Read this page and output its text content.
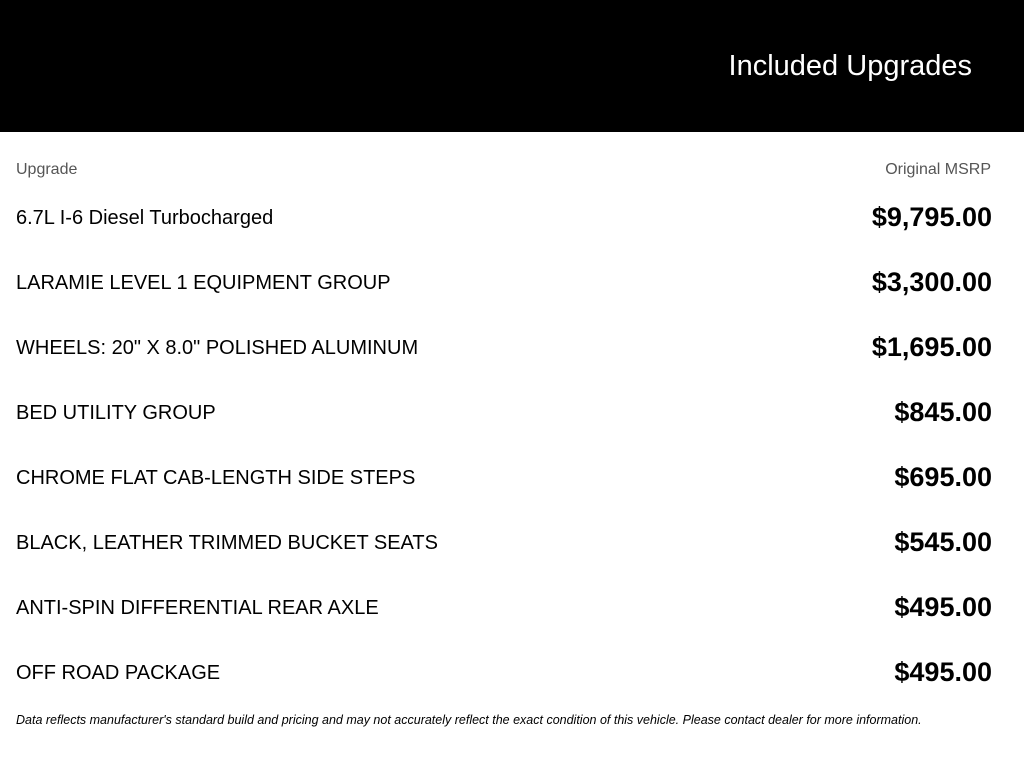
Included Upgrades
Upgrade	Original MSRP
6.7L I-6 Diesel Turbocharged	$9,795.00
LARAMIE LEVEL 1 EQUIPMENT GROUP	$3,300.00
WHEELS: 20" X 8.0" POLISHED ALUMINUM	$1,695.00
BED UTILITY GROUP	$845.00
CHROME FLAT CAB-LENGTH SIDE STEPS	$695.00
BLACK, LEATHER TRIMMED BUCKET SEATS	$545.00
ANTI-SPIN DIFFERENTIAL REAR AXLE	$495.00
OFF ROAD PACKAGE	$495.00
Data reflects manufacturer's standard build and pricing and may not accurately reflect the exact condition of this vehicle. Please contact dealer for more information.
